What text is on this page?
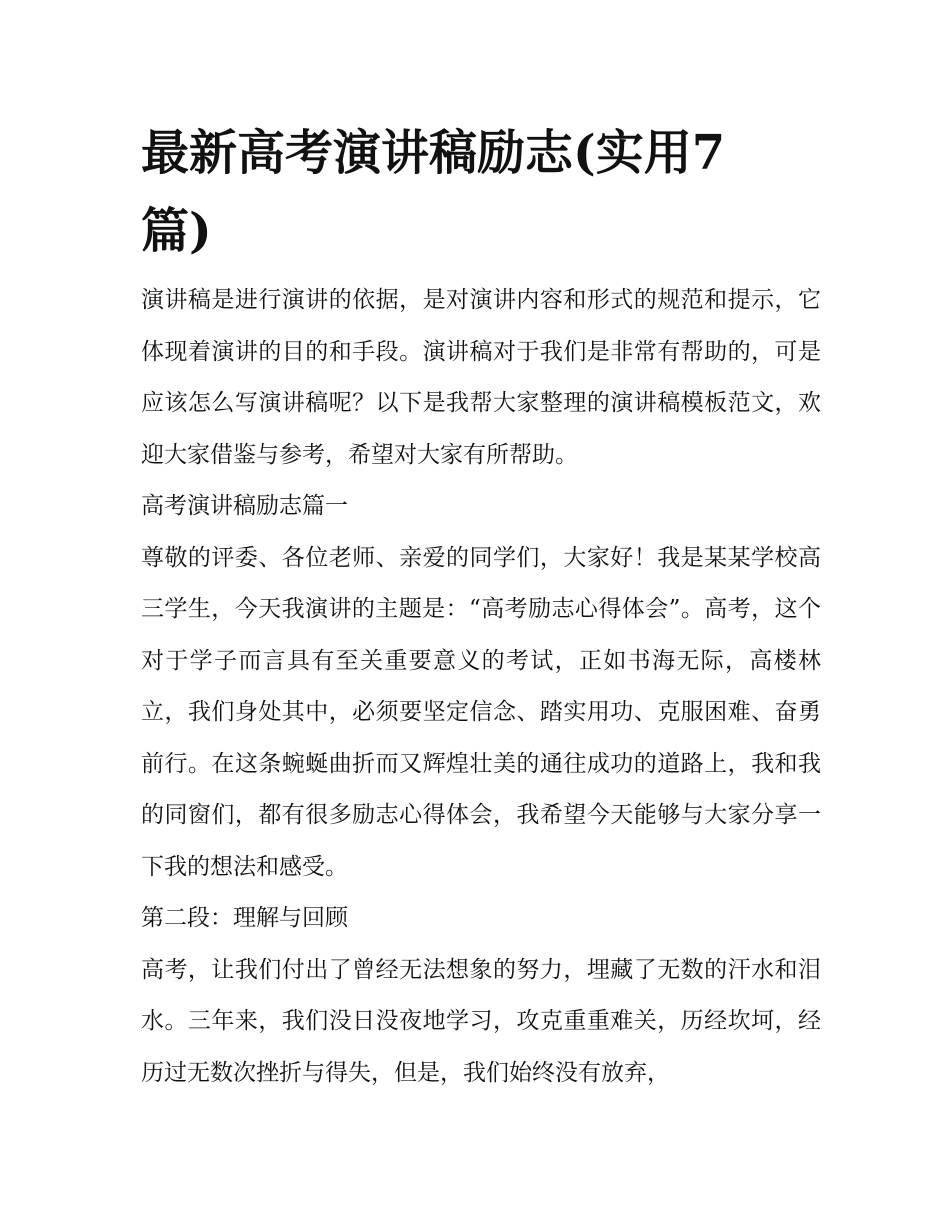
最新高考演讲稿励志(实用7篇)

演讲稿是进行演讲的依据，是对演讲内容和形式的规范和提示，它体现着演讲的目的和手段。演讲稿对于我们是非常有帮助的，可是应该怎么写演讲稿呢？以下是我帮大家整理的演讲稿模板范文，欢迎大家借鉴与参考，希望对大家有所帮助。

高考演讲稿励志篇一

尊敬的评委、各位老师、亲爱的同学们，大家好！我是某某学校高三学生，今天我演讲的主题是：“高考励志心得体会”。高考，这个对于学子而言具有至关重要意义的考试，正如书海无际，高楼林立，我们身处其中，必须要坚定信念、踏实用功、克服困难、奋勇前行。在这条蜿蜒曲折而又辉煌壮美的通往成功的道路上，我和我的同窗们，都有很多励志心得体会，我希望今天能够与大家分享一下我的想法和感受。

第二段：理解与回顾

高考，让我们付出了曾经无法想象的努力，埋藏了无数的汗水和泪水。三年来，我们没日没夜地学习，攻克重重难关，历经坎坷，经历过无数次挫折与得失，但是，我们始终没有放弃，
